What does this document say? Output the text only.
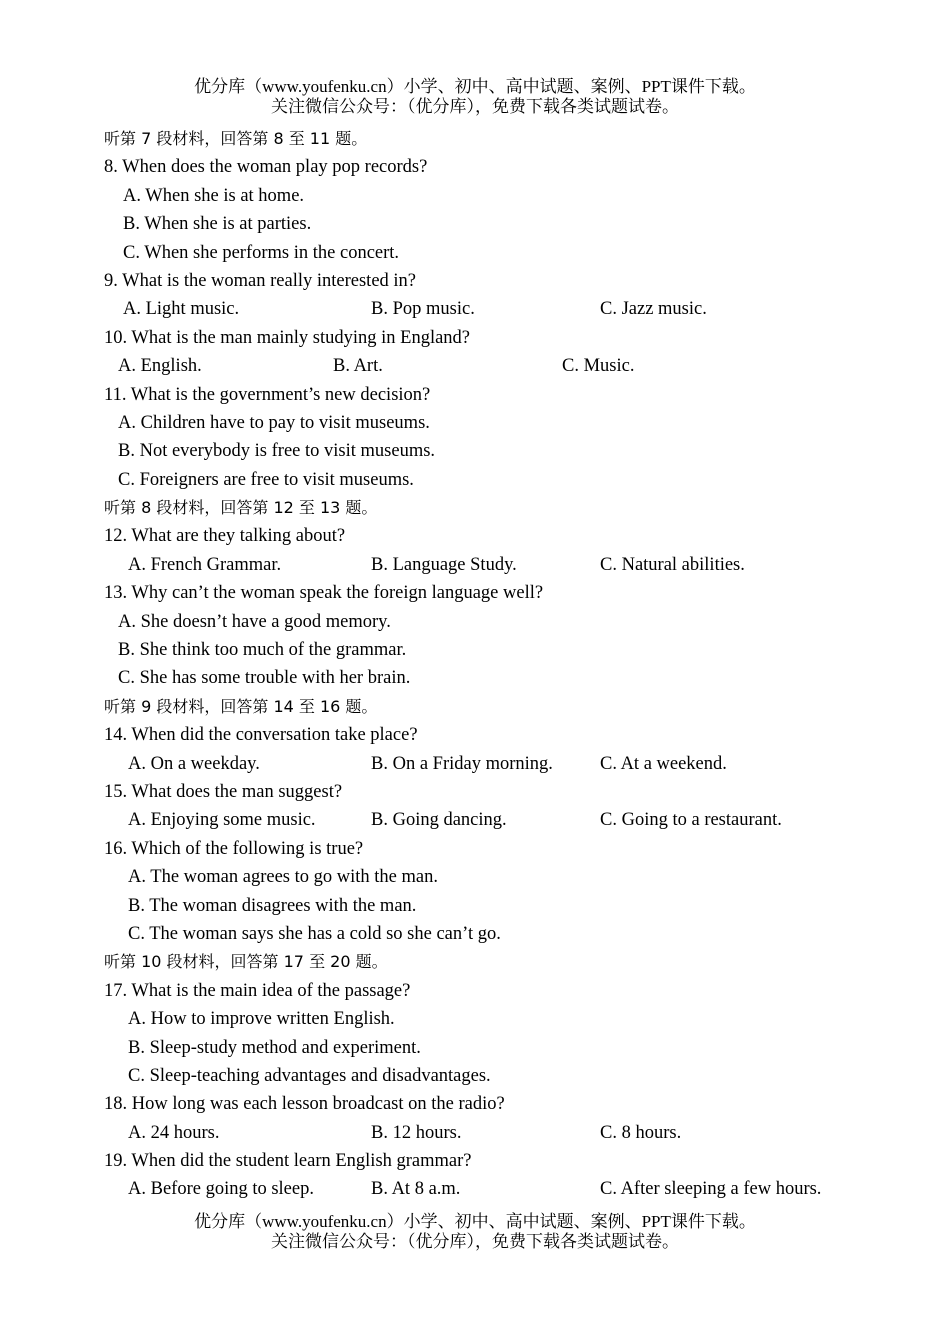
优分库（www.youfenku.cn）小学、初中、高中试题、案例、PPT课件下载。
关注微信公众号：（优分库），免费下载各类试题试卷。
听第 7 段材料，回答第 8 至 11 题。
8. When does the woman play pop records?
A. When she is at home.
B. When she is at parties.
C. When she performs in the concert.
9. What is the woman really interested in?
A. Light music.	B. Pop music.	C. Jazz music.
10. What is the man mainly studying in England?
A. English.	B. Art.	C. Music.
11. What is the government’s new decision?
A. Children have to pay to visit museums.
B. Not everybody is free to visit museums.
C. Foreigners are free to visit museums.
听第 8 段材料，回答第 12 至 13 题。
12. What are they talking about?
A. French Grammar.	B. Language Study.	C. Natural abilities.
13. Why can’t the woman speak the foreign language well?
A. She doesn’t have a good memory.
B. She think too much of the grammar.
C. She has some trouble with her brain.
听第 9 段材料，回答第 14 至 16 题。
14. When did the conversation take place?
A. On a weekday.	B. On a Friday morning.	C. At a weekend.
15. What does the man suggest?
A. Enjoying some music.	B. Going dancing.	C. Going to a restaurant.
16. Which of the following is true?
A. The woman agrees to go with the man.
B. The woman disagrees with the man.
C. The woman says she has a cold so she can’t go.
听第 10 段材料，回答第 17 至 20 题。
17. What is the main idea of the passage?
A. How to improve written English.
B. Sleep-study method and experiment.
C. Sleep-teaching advantages and disadvantages.
18. How long was each lesson broadcast on the radio?
A. 24 hours.	B. 12 hours.	C. 8 hours.
19. When did the student learn English grammar?
A. Before going to sleep.	B. At 8 a.m.	C. After sleeping a few hours.
优分库（www.youfenku.cn）小学、初中、高中试题、案例、PPT课件下载。
关注微信公众号：（优分库），免费下载各类试题试卷。
